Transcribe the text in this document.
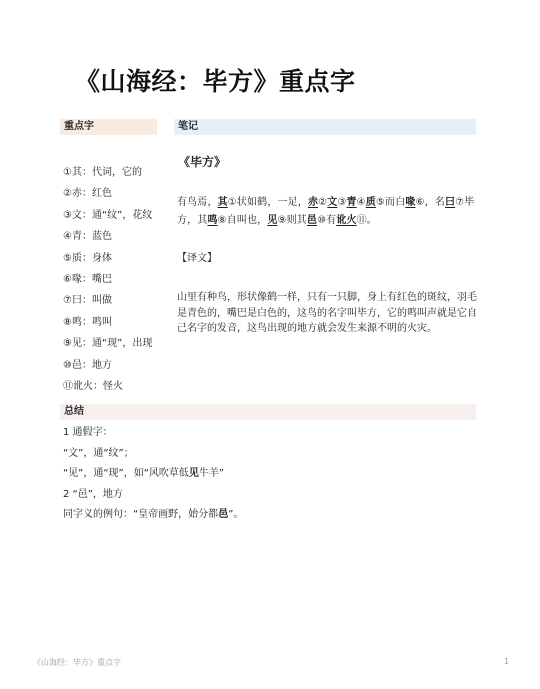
《山海经：毕方》重点字
重点字	笔记
①其：代词，它的
②赤：红色
③文：通“纹”，花纹
④青：蓝色
⑤质：身体
⑥喙：嘴巴
⑦曰：叫做
⑧鸣：鸣叫
⑨见：通“现”，出现
⑩邑：地方
⑪讹火：怪火
《毕方》
有鸟焉，其①状如鹤，一足，赤②文③青④质⑤而白喙⑥，名曰⑦毕方，其鸣⑧自叫也，见⑨则其邑⑩有讹火⑪。
【译文】
山里有种鸟，形状像鹤一样，只有一只脚，身上有红色的斑纹，羽毛是青色的，嘴巴是白色的，这鸟的名字叫毕方，它的鸣叫声就是它自己名字的发音，这鸟出现的地方就会发生来源不明的火灾。
总结
1 通假字：
“文”，通“纹”；
“见”，通“现”，如“风吹草低见牛羊”
2 “邑”，地方
同字义的例句：“皇帝画野，始分都邑”。
《山海经：毕方》重点字	1
